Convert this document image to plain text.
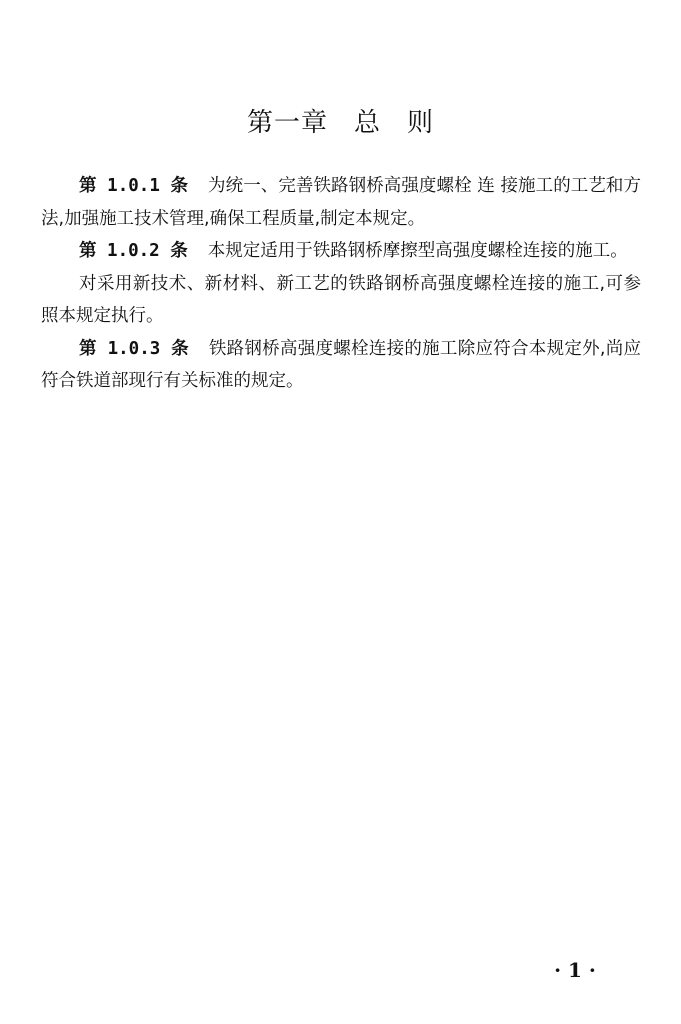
第一章 总 则

第 1.0.1 条 为统一、完善铁路钢桥高强度螺栓 连 接施工的工艺和方法,加强施工技术管理,确保工程质量,制定本规定。

第 1.0.2 条 本规定适用于铁路钢桥摩擦型高强度螺栓连接的施工。

对采用新技术、新材料、新工艺的铁路钢桥高强度螺栓连接的施工,可参照本规定执行。

第 1.0.3 条 铁路钢桥高强度螺栓连接的施工除应符合本规定外,尚应符合铁道部现行有关标准的规定。

· 1 ·
